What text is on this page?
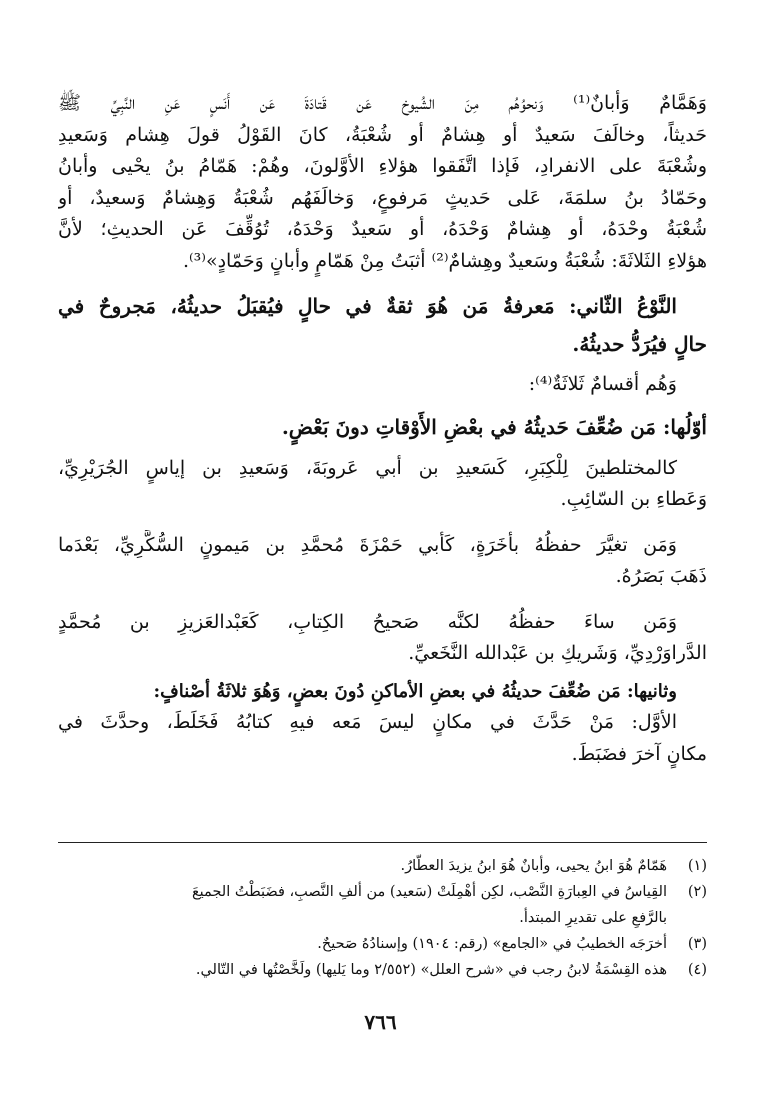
وَهَمَّامٌ وَأبانٌ⁽¹⁾ وَنحوُهُم مِنَ الشُيوخ عَن قَتادَةَ عَن أَنَسٍ عَنِ النَّبِيِّ ﷺ
حَديثاً، وخالَفَ سَعيدٌ أو هِشامٌ أو شُعْبَةُ، كانَ القَوْلُ قولَ هِشام وَسَعيدِ
وشُعْبَةَ على الانفرادِ، فَإذا اتَّفَقوا هؤلاءِ الأوَّلونَ، وهُمْ: هَمّامُ بنُ يحْيى وأبانُ
وحَمّادُ بنُ سلمَةَ، عَلى حَديثٍ مَرفوعٍ، وَخالَفَهُم شُعْبَةُ وَهِشامٌ وَسعيدٌ، أو
شُعْبَةُ وحْدَهُ، أو هِشامٌ وَحْدَهُ، أو سَعيدٌ وَحْدَهُ، تُوُقِّفَ عَن الحديثِ؛ لأنَّ
هؤلاءِ الثَلاثَةَ: شُعْبَةُ وسَعيدٌ وهِشامٌ⁽²⁾ أثبَتُ مِنْ هَمّامٍ وأبانٍ وَحَمّادٍ»⁽³⁾.
النَّوْعُ الثّاني: مَعرفةُ مَن هُوَ ثقةٌ في حالٍ فيُقبَلُ حديثُهُ، مَجروحٌ في
حالٍ فيُرَدُّ حديثُهُ.
وَهُم أقسامٌ ثَلاثَةٌ⁽⁴⁾:
أوّلُها: مَن ضُعِّفَ حَديثُهُ في بعْضِ الأَوْقاتِ دونَ بَعْضٍ.
كالمختلطينَ لِلْكِبَرِ، كَسَعيدِ بن أبي عَروبَةَ، وَسَعيدِ بن إياسٍ الجُرَيْرِيِّ،
وَعَطاءِ بن السّائِبِ.
وَمَن تغيَّرَ حفظُهُ بأخَرَةٍ، كَأبي حَمْزَةَ مُحمَّدِ بن مَيمونٍ السُّكَّرِيِّ، بَعْدَما
ذَهَبَ بَصَرُهُ.
وَمَن ساءَ حفظُهُ لكنَّه صَحيحُ الكِتابِ، كَعَبْدالعَزيزِ بن مُحمَّدٍ
الدَّراوَرْدِيِّ، وَشَريكِ بن عَبْدالله النَّخَعيِّ.
وثانيها: مَن ضُعِّفَ حديثُهُ في بعضِ الأماكنِ دُونَ بعضٍ، وَهُوَ ثلاثَةُ أصْنافٍ:
الأوَّل: مَنْ حَدَّثَ في مكانٍ ليسَ مَعه فيهِ كتابُهُ فَخَلَطَ، وحدَّثَ في
مكانٍ آخرَ فضَبَطَ.
(١)
هَمّامٌ هُوَ ابنُ يحيى، وأبانٌ هُوَ ابنُ يزيدَ العطّارُ.
(٢)
القِياسُ في العِبارَةِ النَّصْب، لكِن أهْمِلَتْ (سَعيد) من ألفِ النَّصبِ، فضَبَطْتُ الجميعَ
بالرَّفعِ على تقديرِ المبتدأ.
(٣)
أخرَجَه الخطيبُ في «الجامع» (رقم: ١٩٠٤) وإسنادُهُ صَحيحٌ.
(٤)
هذه القِسْمَةُ لابنُ رجب في «شرح العلل» (٢/٥٥٢ وما يَليها) ولَخَّصْتُها في التّالي.
٧٦٦
